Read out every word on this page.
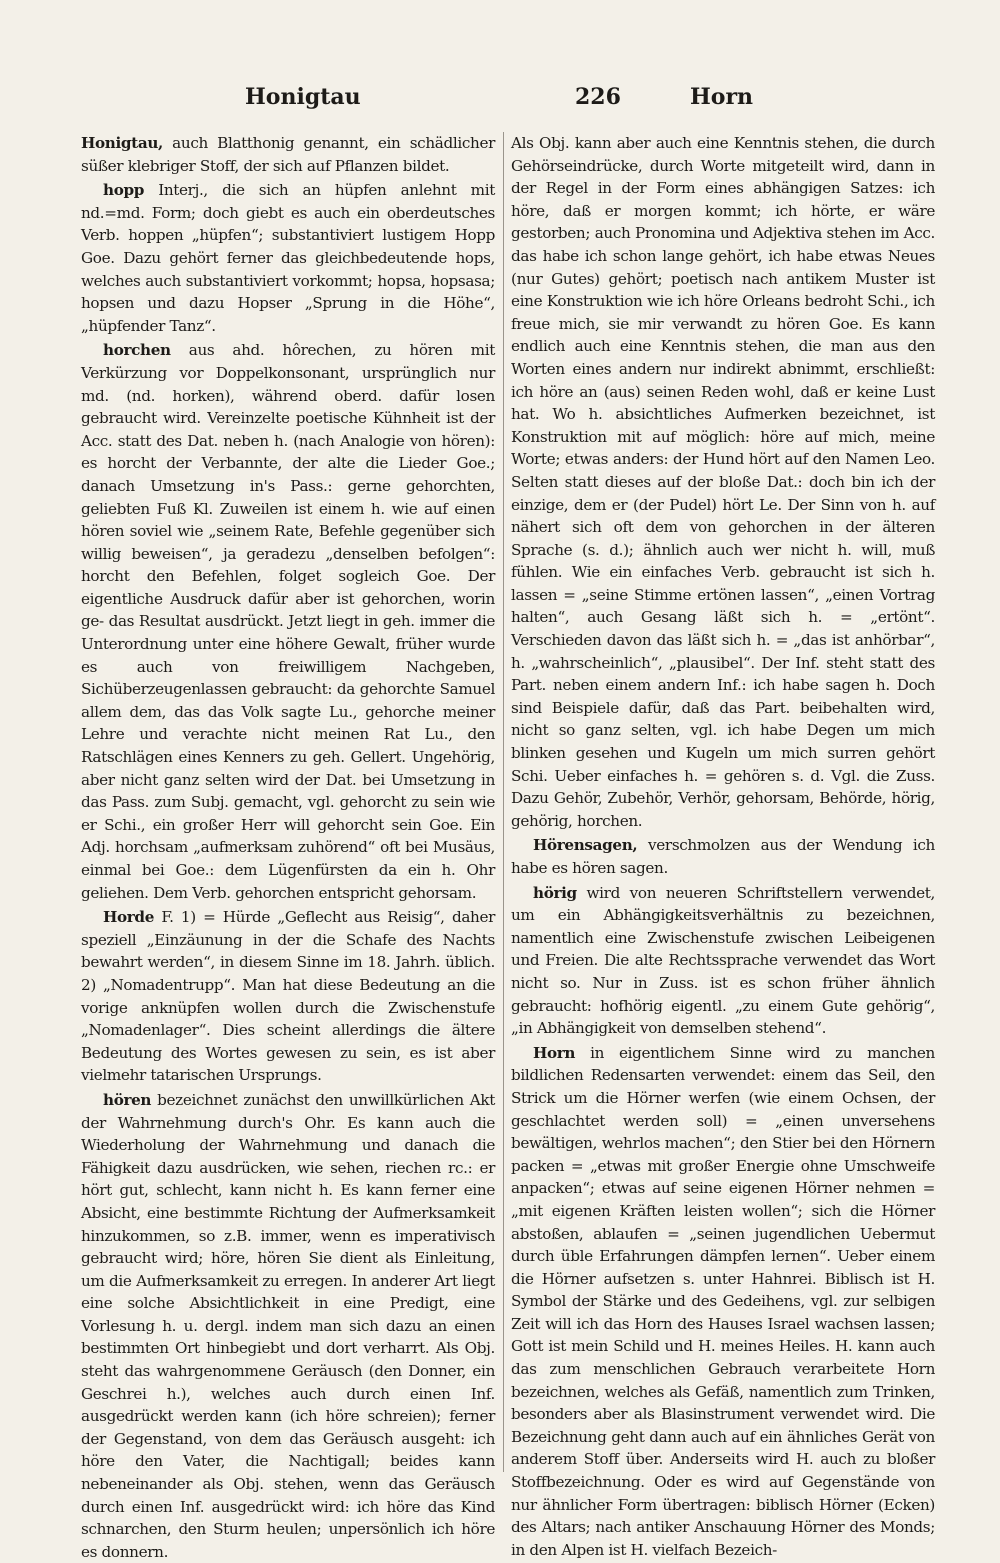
Honigtau	226	Horn

Honigtau, auch Blatthonig genannt, ein schädlicher süßer klebriger Stoff, der sich auf Pflanzen bildet.

hopp Interj., die sich an hüpfen anlehnt mit nd.=md. Form; doch giebt es auch ein oberdeutsches Verb. hoppen „hüpfen“; substantiviert lustigem Hopp Goe. Dazu gehört ferner das gleichbedeutende hops, welches auch substantiviert vorkommt; hopsa, hopsasa; hopsen und dazu Hopser „Sprung in die Höhe“, „hüpfender Tanz“.

horchen aus ahd. hôrechen, zu hören mit Verkürzung vor Doppelkonsonant, ursprünglich nur md. (nd. horken), während oberd. dafür losen gebraucht wird. Vereinzelte poetische Kühnheit ist der Acc. statt des Dat. neben h. (nach Analogie von hören): es horcht der Verbannte, der alte die Lieder Goe.; danach Umsetzung in's Pass.: gerne gehorchten, geliebten Fuß Kl. Zuweilen ist einem h. wie auf einen hören soviel wie „seinem Rate, Befehle gegenüber sich willig beweisen“, ja geradezu „denselben befolgen“: horcht den Befehlen, folget sogleich Goe. Der eigentliche Ausdruck dafür aber ist gehorchen, worin ge- das Resultat ausdrückt. Jetzt liegt in geh. immer die Unterordnung unter eine höhere Gewalt, früher wurde es auch von freiwilligem Nachgeben, Sichüberzeugenlassen gebraucht: da gehorchte Samuel allem dem, das das Volk sagte Lu., gehorche meiner Lehre und verachte nicht meinen Rat Lu., den Ratschlägen eines Kenners zu geh. Gellert. Ungehörig, aber nicht ganz selten wird der Dat. bei Umsetzung in das Pass. zum Subj. gemacht, vgl. gehorcht zu sein wie er Schi., ein großer Herr will gehorcht sein Goe. Ein Adj. horchsam „aufmerksam zuhörend“ oft bei Musäus, einmal bei Goe.: dem Lügenfürsten da ein h. Ohr geliehen. Dem Verb. gehorchen entspricht gehorsam.

Horde F. 1) = Hürde „Geflecht aus Reisig“, daher speziell „Einzäunung in der die Schafe des Nachts bewahrt werden“, in diesem Sinne im 18. Jahrh. üblich. 2) „Nomadentrupp“. Man hat diese Bedeutung an die vorige anknüpfen wollen durch die Zwischenstufe „Nomadenlager“. Dies scheint allerdings die ältere Bedeutung des Wortes gewesen zu sein, es ist aber vielmehr tatarischen Ursprungs.

hören bezeichnet zunächst den unwillkürlichen Akt der Wahrnehmung durch's Ohr. Es kann auch die Wiederholung der Wahrnehmung und danach die Fähigkeit dazu ausdrücken, wie sehen, riechen rc.: er hört gut, schlecht, kann nicht h. Es kann ferner eine Absicht, eine bestimmte Richtung der Aufmerksamkeit hinzukommen, so z.B. immer, wenn es imperativisch gebraucht wird; höre, hören Sie dient als Einleitung, um die Aufmerksamkeit zu erregen. In anderer Art liegt eine solche Absichtlichkeit in eine Predigt, eine Vorlesung h. u. dergl. indem man sich dazu an einen bestimmten Ort hinbegiebt und dort verharrt. Als Obj. steht das wahrgenommene Geräusch (den Donner, ein Geschrei h.), welches auch durch einen Inf. ausgedrückt werden kann (ich höre schreien); ferner der Gegenstand, von dem das Geräusch ausgeht: ich höre den Vater, die Nachtigall; beides kann nebeneinander als Obj. stehen, wenn das Geräusch durch einen Inf. ausgedrückt wird: ich höre das Kind schnarchen, den Sturm heulen; unpersönlich ich höre es donnern.

Als Obj. kann aber auch eine Kenntnis stehen, die durch Gehörseindrücke, durch Worte mitgeteilt wird, dann in der Regel in der Form eines abhängigen Satzes: ich höre, daß er morgen kommt; ich hörte, er wäre gestorben; auch Pronomina und Adjektiva stehen im Acc. das habe ich schon lange gehört, ich habe etwas Neues (nur Gutes) gehört; poetisch nach antikem Muster ist eine Konstruktion wie ich höre Orleans bedroht Schi., ich freue mich, sie mir verwandt zu hören Goe. Es kann endlich auch eine Kenntnis stehen, die man aus den Worten eines andern nur indirekt abnimmt, erschließt: ich höre an (aus) seinen Reden wohl, daß er keine Lust hat. Wo h. absichtliches Aufmerken bezeichnet, ist Konstruktion mit auf möglich: höre auf mich, meine Worte; etwas anders: der Hund hört auf den Namen Leo. Selten statt dieses auf der bloße Dat.: doch bin ich der einzige, dem er (der Pudel) hört Le. Der Sinn von h. auf nähert sich oft dem von gehorchen in der älteren Sprache (s. d.); ähnlich auch wer nicht h. will, muß fühlen. Wie ein einfaches Verb. gebraucht ist sich h. lassen = „seine Stimme ertönen lassen“, „einen Vortrag halten“, auch Gesang läßt sich h. = „ertönt“. Verschieden davon das läßt sich h. = „das ist anhörbar“, h. „wahrscheinlich“, „plausibel“. Der Inf. steht statt des Part. neben einem andern Inf.: ich habe sagen h. Doch sind Beispiele dafür, daß das Part. beibehalten wird, nicht so ganz selten, vgl. ich habe Degen um mich blinken gesehen und Kugeln um mich surren gehört Schi. Ueber einfaches h. = gehören s. d. Vgl. die Zuss. Dazu Gehör, Zubehör, Verhör, gehorsam, Behörde, hörig, gehörig, horchen.

Hörensagen, verschmolzen aus der Wendung ich habe es hören sagen.

hörig wird von neueren Schriftstellern verwendet, um ein Abhängigkeitsverhältnis zu bezeichnen, namentlich eine Zwischenstufe zwischen Leibeigenen und Freien. Die alte Rechtssprache verwendet das Wort nicht so. Nur in Zuss. ist es schon früher ähnlich gebraucht: hofhörig eigentl. „zu einem Gute gehörig“, „in Abhängigkeit von demselben stehend“.

Horn in eigentlichem Sinne wird zu manchen bildlichen Redensarten verwendet: einem das Seil, den Strick um die Hörner werfen (wie einem Ochsen, der geschlachtet werden soll) = „einen unversehens bewältigen, wehrlos machen“; den Stier bei den Hörnern packen = „etwas mit großer Energie ohne Umschweife anpacken“; etwas auf seine eigenen Hörner nehmen = „mit eigenen Kräften leisten wollen“; sich die Hörner abstoßen, ablaufen = „seinen jugendlichen Uebermut durch üble Erfahrungen dämpfen lernen“. Ueber einem die Hörner aufsetzen s. unter Hahnrei. Biblisch ist H. Symbol der Stärke und des Gedeihens, vgl. zur selbigen Zeit will ich das Horn des Hauses Israel wachsen lassen; Gott ist mein Schild und H. meines Heiles. H. kann auch das zum menschlichen Gebrauch verarbeitete Horn bezeichnen, welches als Gefäß, namentlich zum Trinken, besonders aber als Blasinstrument verwendet wird. Die Bezeichnung geht dann auch auf ein ähnliches Gerät von anderem Stoff über. Anderseits wird H. auch zu bloßer Stoffbezeichnung. Oder es wird auf Gegenstände von nur ähnlicher Form übertragen: biblisch Hörner (Ecken) des Altars; nach antiker Anschauung Hörner des Monds; in den Alpen ist H. vielfach Bezeich-
